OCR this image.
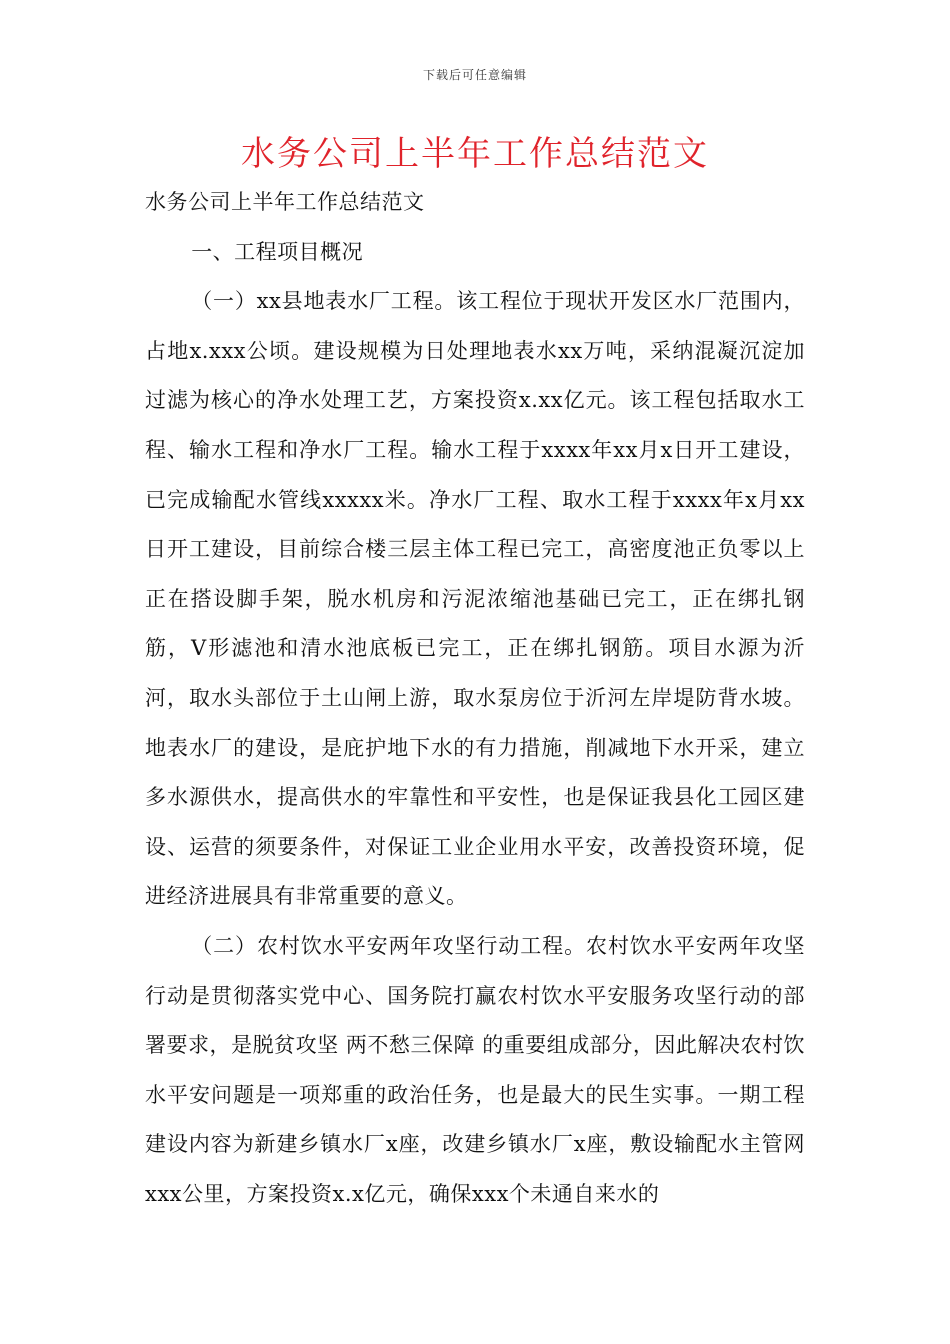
下载后可任意编辑
水务公司上半年工作总结范文

水务公司上半年工作总结范文

一、工程项目概况

（一）xx县地表水厂工程。该工程位于现状开发区水厂范围内，占地x.xxx公顷。建设规模为日处理地表水xx万吨，采纳混凝沉淀加过滤为核心的净水处理工艺，方案投资x.xx亿元。该工程包括取水工程、输水工程和净水厂工程。输水工程于xxxx年xx月x日开工建设，已完成输配水管线xxxxx米。净水厂工程、取水工程于xxxx年x月xx日开工建设，目前综合楼三层主体工程已完工，高密度池正负零以上正在搭设脚手架，脱水机房和污泥浓缩池基础已完工，正在绑扎钢筋，V形滤池和清水池底板已完工，正在绑扎钢筋。项目水源为沂河，取水头部位于土山闸上游，取水泵房位于沂河左岸堤防背水坡。地表水厂的建设，是庇护地下水的有力措施，削减地下水开采，建立多水源供水，提高供水的牢靠性和平安性，也是保证我县化工园区建设、运营的须要条件，对保证工业企业用水平安，改善投资环境，促进经济进展具有非常重要的意义。

（二）农村饮水平安两年攻坚行动工程。农村饮水平安两年攻坚行动是贯彻落实党中心、国务院打赢农村饮水平安服务攻坚行动的部署要求，是脱贫攻坚 两不愁三保障 的重要组成部分，因此解决农村饮水平安问题是一项郑重的政治任务，也是最大的民生实事。一期工程建设内容为新建乡镇水厂x座，改建乡镇水厂x座，敷设输配水主管网xxx公里，方案投资x.x亿元，确保xxx个未通自来水的
